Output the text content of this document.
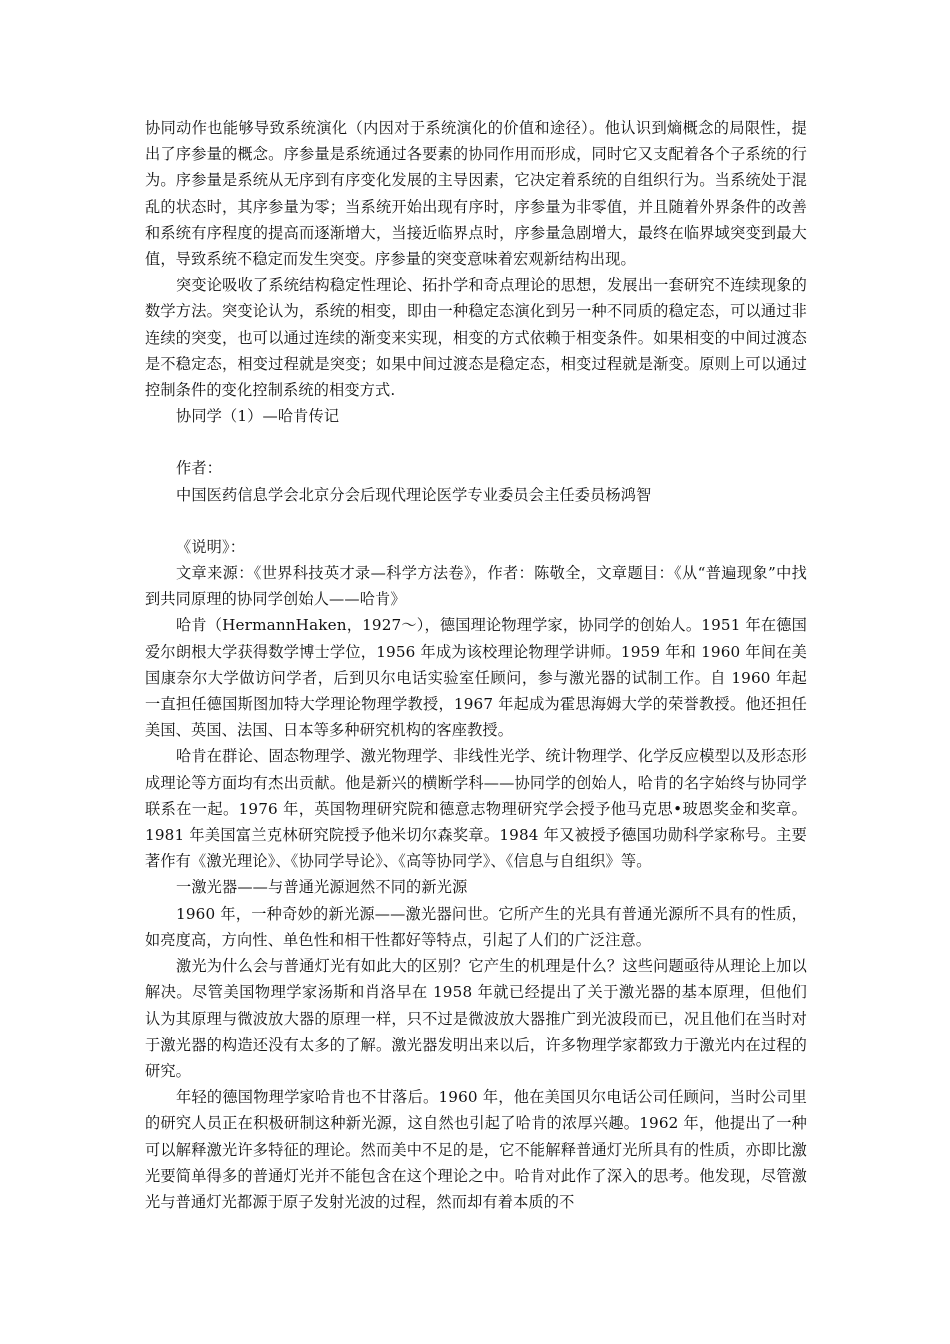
协同动作也能够导致系统演化（内因对于系统演化的价值和途径）。他认识到熵概念的局限性，提出了序参量的概念。序参量是系统通过各要素的协同作用而形成，同时它又支配着各个子系统的行为。序参量是系统从无序到有序变化发展的主导因素，它决定着系统的自组织行为。当系统处于混乱的状态时，其序参量为零；当系统开始出现有序时，序参量为非零值，并且随着外界条件的改善和系统有序程度的提高而逐渐增大，当接近临界点时，序参量急剧增大，最终在临界域突变到最大值，导致系统不稳定而发生突变。序参量的突变意味着宏观新结构出现。

突变论吸收了系统结构稳定性理论、拓扑学和奇点理论的思想，发展出一套研究不连续现象的数学方法。突变论认为，系统的相变，即由一种稳定态演化到另一种不同质的稳定态，可以通过非连续的突变，也可以通过连续的渐变来实现，相变的方式依赖于相变条件。如果相变的中间过渡态是不稳定态，相变过程就是突变；如果中间过渡态是稳定态，相变过程就是渐变。原则上可以通过控制条件的变化控制系统的相变方式.

协同学（1）—哈肯传记

作者：

中国医药信息学会北京分会后现代理论医学专业委员会主任委员杨鸿智

《说明》：

文章来源：《世界科技英才录—科学方法卷》，作者：陈敬全，文章题目：《从“普遍现象”中找到共同原理的协同学创始人——哈肯》

哈肯（HermannHaken，1927～），德国理论物理学家，协同学的创始人。1951 年在德国爱尔朗根大学获得数学博士学位，1956 年成为该校理论物理学讲师。1959 年和 1960 年间在美国康奈尔大学做访问学者，后到贝尔电话实验室任顾问，参与激光器的试制工作。自 1960 年起一直担任德国斯图加特大学理论物理学教授，1967 年起成为霍思海姆大学的荣誉教授。他还担任美国、英国、法国、日本等多种研究机构的客座教授。

哈肯在群论、固态物理学、激光物理学、非线性光学、统计物理学、化学反应模型以及形态形成理论等方面均有杰出贡献。他是新兴的横断学科——协同学的创始人，哈肯的名字始终与协同学联系在一起。1976 年，英国物理研究院和德意志物理研究学会授予他马克思•玻恩奖金和奖章。1981 年美国富兰克林研究院授予他米切尔森奖章。1984 年又被授予德国功勋科学家称号。主要著作有《激光理论》、《协同学导论》、《高等协同学》、《信息与自组织》等。

一激光器——与普通光源迥然不同的新光源

1960 年，一种奇妙的新光源——激光器问世。它所产生的光具有普通光源所不具有的性质，如亮度高，方向性、单色性和相干性都好等特点，引起了人们的广泛注意。

激光为什么会与普通灯光有如此大的区别？它产生的机理是什么？这些问题亟待从理论上加以解决。尽管美国物理学家汤斯和肖洛早在 1958 年就已经提出了关于激光器的基本原理，但他们认为其原理与微波放大器的原理一样，只不过是微波放大器推广到光波段而已，况且他们在当时对于激光器的构造还没有太多的了解。激光器发明出来以后，许多物理学家都致力于激光内在过程的研究。

年轻的德国物理学家哈肯也不甘落后。1960 年，他在美国贝尔电话公司任顾问，当时公司里的研究人员正在积极研制这种新光源，这自然也引起了哈肯的浓厚兴趣。1962 年，他提出了一种可以解释激光许多特征的理论。然而美中不足的是，它不能解释普通灯光所具有的性质，亦即比激光要简单得多的普通灯光并不能包含在这个理论之中。哈肯对此作了深入的思考。他发现，尽管激光与普通灯光都源于原子发射光波的过程，然而却有着本质的不
